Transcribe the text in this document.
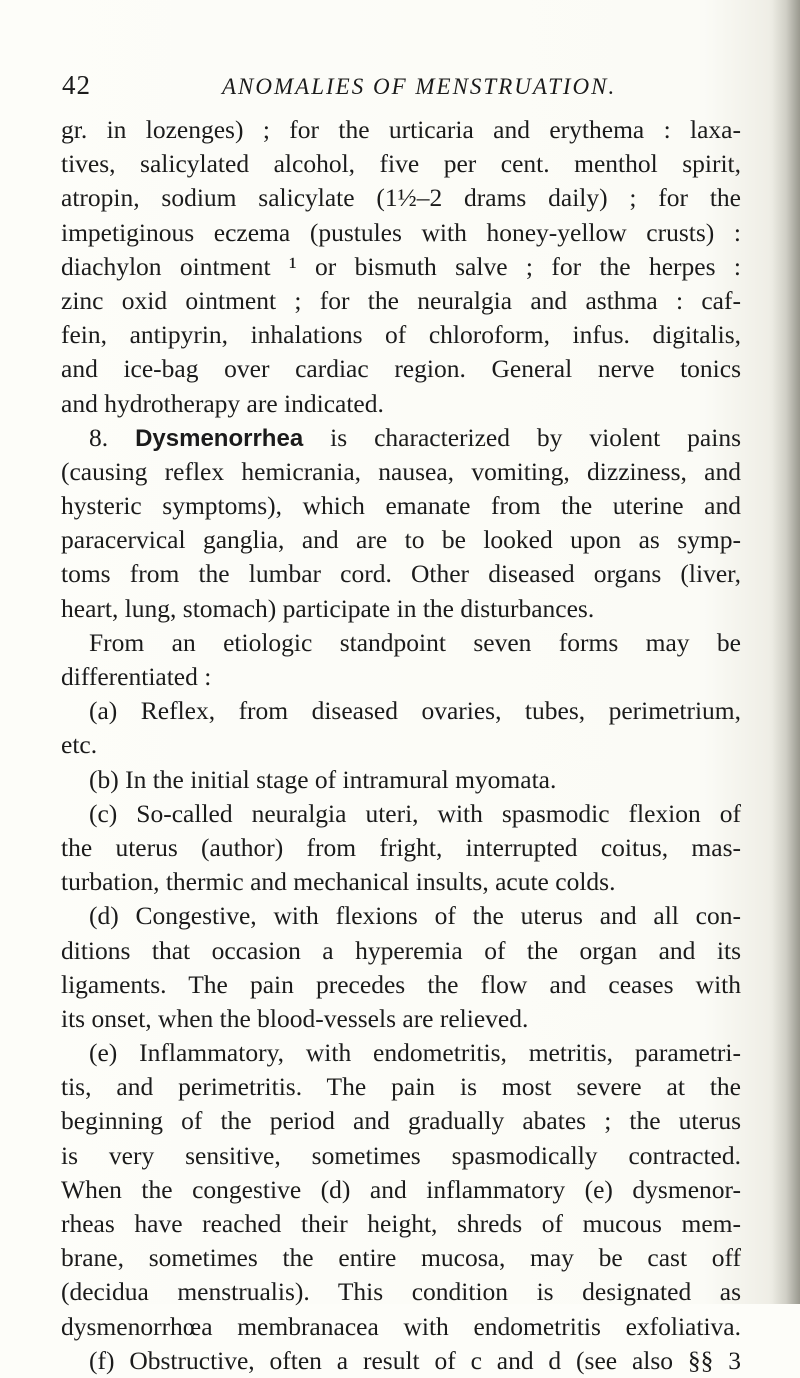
42	ANOMALIES OF MENSTRUATION.
gr. in lozenges) ; for the urticaria and erythema : laxa-
tives, salicylated alcohol, five per cent. menthol spirit,
atropin, sodium salicylate (1½–2 drams daily) ; for the
impetiginous eczema (pustules with honey-yellow crusts) :
diachylon ointment ¹ or bismuth salve ; for the herpes :
zinc oxid ointment ; for the neuralgia and asthma : caf-
fein, antipyrin, inhalations of chloroform, infus. digitalis,
and ice-bag over cardiac region. General nerve tonics
and hydrotherapy are indicated.
8. Dysmenorrhea is characterized by violent pains
(causing reflex hemicrania, nausea, vomiting, dizziness, and
hysteric symptoms), which emanate from the uterine and
paracervical ganglia, and are to be looked upon as symp-
toms from the lumbar cord. Other diseased organs (liver,
heart, lung, stomach) participate in the disturbances.
From an etiologic standpoint seven forms may be
differentiated :
(a) Reflex, from diseased ovaries, tubes, perimetrium,
etc.
(b) In the initial stage of intramural myomata.
(c) So-called neuralgia uteri, with spasmodic flexion of
the uterus (author) from fright, interrupted coitus, mas-
turbation, thermic and mechanical insults, acute colds.
(d) Congestive, with flexions of the uterus and all con-
ditions that occasion a hyperemia of the organ and its
ligaments. The pain precedes the flow and ceases with
its onset, when the blood-vessels are relieved.
(e) Inflammatory, with endometritis, metritis, parametri-
tis, and perimetritis. The pain is most severe at the
beginning of the period and gradually abates ; the uterus
is very sensitive, sometimes spasmodically contracted.
When the congestive (d) and inflammatory (e) dysmenor-
rheas have reached their height, shreds of mucous mem-
brane, sometimes the entire mucosa, may be cast off
(decidua menstrualis). This condition is designated as
dysmenorrhœa membranacea with endometritis exfoliativa.
(f) Obstructive, often a result of c and d (see also §§ 3
